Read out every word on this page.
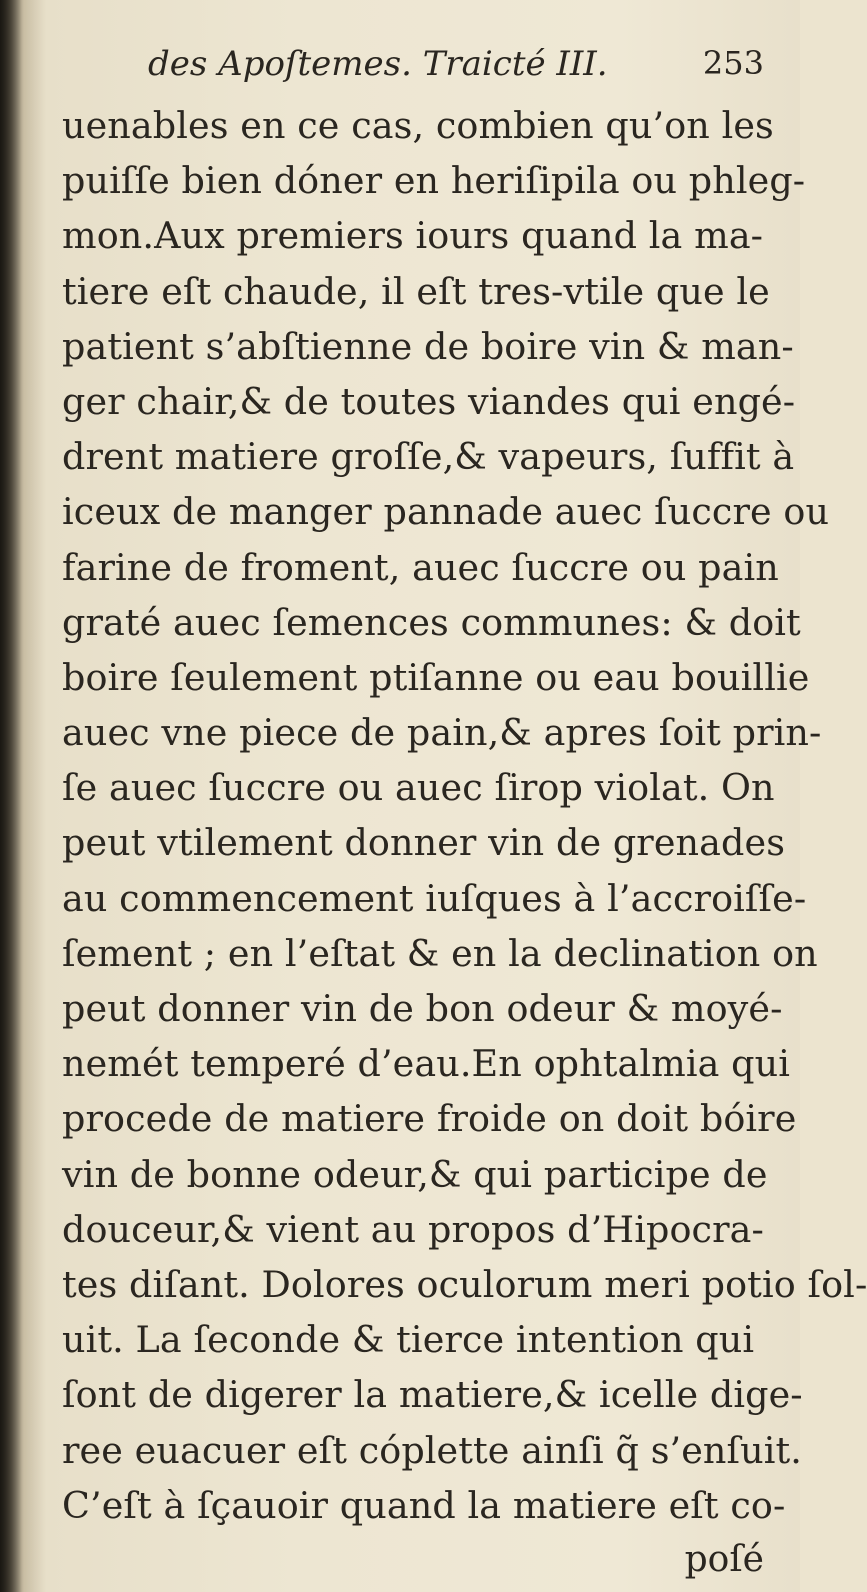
des Apoſtemes. Traicté III.	253
uenables en ce cas, combien qu’on les
puiſſe bien dóner en heriſipila ou phleg-
mon.Aux premiers iours quand la ma-
tiere eſt chaude, il eſt tres-vtile que le
patient s’abſtienne de boire vin & man-
ger chair,& de toutes viandes qui engé-
drent matiere groſſe,& vapeurs, ſuffit à
iceux de manger pannade auec ſuccre ou
farine de froment, auec ſuccre ou pain
graté auec ſemences communes: & doit
boire ſeulement ptiſanne ou eau bouillie
auec vne piece de pain,& apres ſoit prin-
ſe auec ſuccre ou auec ſirop violat. On
peut vtilement donner vin de grenades
au commencement iuſques à l’accroiſſe-
ſement ; en l’eſtat & en la declination on
peut donner vin de bon odeur & moyé-
nemét temperé d’eau.En ophtalmia qui
procede de matiere froide on doit bóire
vin de bonne odeur,& qui participe de
douceur,& vient au propos d’Hipocra-
tes diſant. Dolores oculorum meri potio ſol-
uit. La ſeconde & tierce intention qui
ſont de digerer la matiere,& icelle dige-
ree euacuer eſt cóplette ainſi q̃ s’enſuit.
C’eſt à ſçauoir quand la matiere eſt co-
poſé
